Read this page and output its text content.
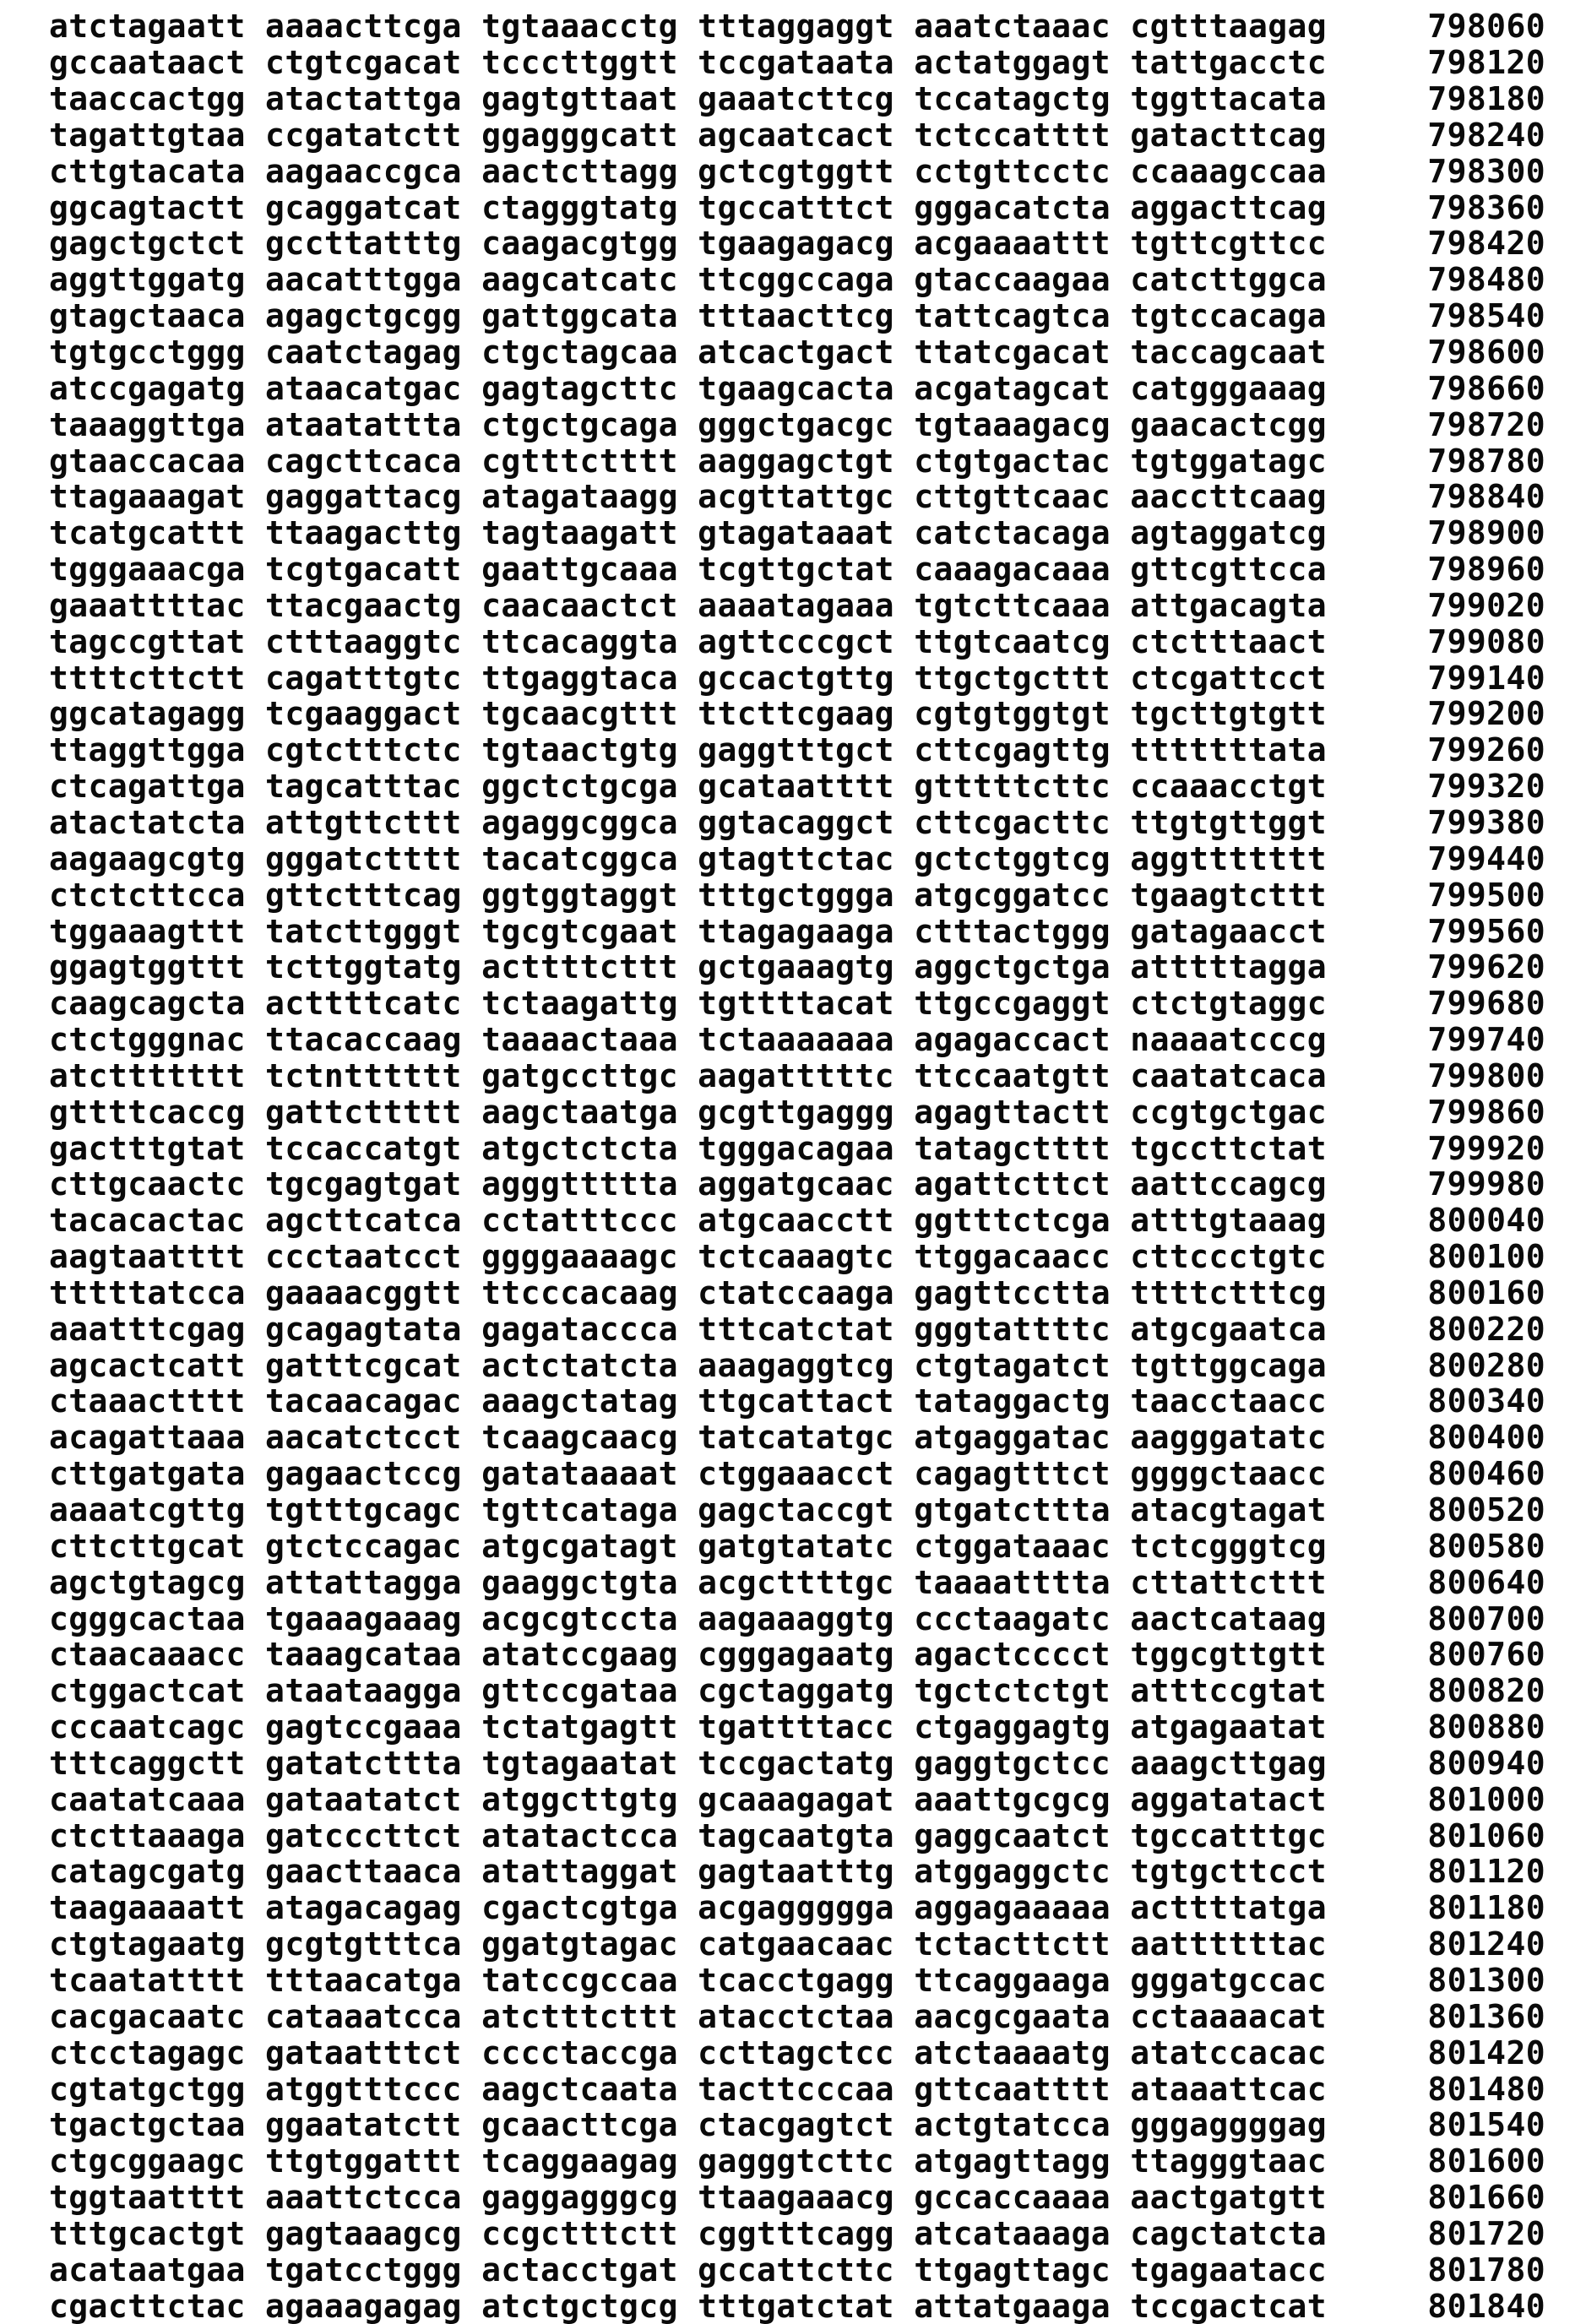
atctagaatt aaaacttcga tgtaaacctg tttaggaggt aaatctaaac cgtttaagag	798060
gccaataact ctgtcgacat tcccttggtt tccgataata actatggagt tattgacctc	798120
taaccactgg atactattga gagtgttaat gaaatcttcg tccatagctg tggttacata	798180
tagattgtaa ccgatatctt ggagggcatt agcaatcact tctccatttt gatacttcag	798240
cttgtacata aagaaccgca aactcttagg gctcgtggtt cctgttcctc ccaaagccaa	798300
ggcagtactt gcaggatcat ctagggtatg tgccatttct gggacatcta aggacttcag	798360
gagctgctct gccttatttg caagacgtgg tgaagagacg acgaaaattt tgttcgttcc	798420
aggttggatg aacatttgga aagcatcatc ttcggccaga gtaccaagaa catcttggca	798480
gtagctaaca agagctgcgg gattggcata tttaacttcg tattcagtca tgtccacaga	798540
tgtgcctggg caatctagag ctgctagcaa atcactgact ttatcgacat taccagcaat	798600
atccgagatg ataacatgac gagtagcttc tgaagcacta acgatagcat catgggaaag	798660
taaaggttga ataatattta ctgctgcaga gggctgacgc tgtaaagacg gaacactcgg	798720
gtaaccacaa cagcttcaca cgtttctttt aaggagctgt ctgtgactac tgtggatagc	798780
ttagaaagat gaggattacg atagataagg acgttattgc cttgttcaac aaccttcaag	798840
tcatgcattt ttaagacttg tagtaagatt gtagataaat catctacaga agtaggatcg	798900
tgggaaacga tcgtgacatt gaattgcaaa tcgttgctat caaagacaaa gttcgttcca	798960
gaaattttac ttacgaactg caacaactct aaaatagaaa tgtcttcaaa attgacagta	799020
tagccgttat ctttaaggtc ttcacaggta agttcccgct ttgtcaatcg ctctttaact	799080
ttttcttctt cagatttgtc ttgaggtaca gccactgttg ttgctgcttt ctcgattcct	799140
ggcatagagg tcgaaggact tgcaacgttt ttcttcgaag cgtgtggtgt tgcttgtgtt	799200
ttaggttgga cgtctttctc tgtaactgtg gaggtttgct cttcgagttg tttttttata	799260
ctcagattga tagcatttac ggctctgcga gcataatttt gtttttcttc ccaaacctgt	799320
atactatcta attgttcttt agaggcggca ggtacaggct cttcgacttc ttgtgttggt	799380
aagaagcgtg gggatctttt tacatcggca gtagttctac gctctggtcg aggttttttt	799440
ctctcttcca gttctttcag ggtggtaggt tttgctggga atgcggatcc tgaagtcttt	799500
tggaaagttt tatcttgggt tgcgtcgaat ttagagaaga ctttactggg gatagaacct	799560
ggagtggttt tcttggtatg acttttcttt gctgaaagtg aggctgctga atttttagga	799620
caagcagcta acttttcatc tctaagattg tgttttacat ttgccgaggt ctctgtaggc	799680
ctctgggnac ttacaccaag taaaactaaa tctaaaaaaa agagaccact naaaatcccg	799740
atcttttttt tctntttttt gatgccttgc aagatttttc ttccaatgtt caatatcaca	799800
gttttcaccg gattcttttt aagctaatga gcgttgaggg agagttactt ccgtgctgac	799860
gactttgtat tccaccatgt atgctctcta tgggacagaa tatagctttt tgccttctat	799920
cttgcaactc tgcgagtgat agggttttta aggatgcaac agattcttct aattccagcg	799980
tacacactac agcttcatca cctatttccc atgcaacctt ggtttctcga atttgtaaag	800040
aagtaatttt ccctaatcct ggggaaaagc tctcaaagtc ttggacaacc cttccctgtc	800100
tttttatcca gaaaacggtt ttcccacaag ctatccaaga gagttcctta ttttctttcg	800160
aaatttcgag gcagagtata gagataccca tttcatctat gggtattttc atgcgaatca	800220
agcactcatt gatttcgcat actctatcta aaagaggtcg ctgtagatct tgttggcaga	800280
ctaaactttt tacaacagac aaagctatag ttgcattact tataggactg taacctaacc	800340
acagattaaa aacatctcct tcaagcaacg tatcatatgc atgaggatac aagggatatc	800400
cttgatgata gagaactccg gatataaaat ctggaaacct cagagtttct ggggctaacc	800460
aaaatcgttg tgtttgcagc tgttcataga gagctaccgt gtgatcttta atacgtagat	800520
cttcttgcat gtctccagac atgcgatagt gatgtatatc ctggataaac tctcgggtcg	800580
agctgtagcg attattagga gaaggctgta acgcttttgc taaaatttta cttattcttt	800640
cgggcactaa tgaaagaaag acgcgtccta aagaaaggtg ccctaagatc aactcataag	800700
ctaacaaacc taaagcataa atatccgaag cgggagaatg agactcccct tggcgttgtt	800760
ctggactcat ataataagga gttccgataa cgctaggatg tgctctctgt atttccgtat	800820
cccaatcagc gagtccgaaa tctatgagtt tgattttacc ctgaggagtg atgagaatat	800880
tttcaggctt gatatcttta tgtagaatat tccgactatg gaggtgctcc aaagcttgag	800940
caatatcaaa gataatatct atggcttgtg gcaaagagat aaattgcgcg aggatatact	801000
ctcttaaaga gatcccttct atatactcca tagcaatgta gaggcaatct tgccatttgc	801060
catagcgatg gaacttaaca atattaggat gagtaatttg atggaggctc tgtgcttcct	801120
taagaaaatt atagacagag cgactcgtga acgaggggga aggagaaaaa acttttatga	801180
ctgtagaatg gcgtgtttca ggatgtagac catgaacaac tctacttctt aattttttac	801240
tcaatatttt tttaacatga tatccgccaa tcacctgagg ttcaggaaga gggatgccac	801300
cacgacaatc cataaatcca atctttcttt atacctctaa aacgcgaata cctaaaacat	801360
ctcctagagc gataatttct cccctaccga ccttagctcc atctaaaatg atatccacac	801420
cgtatgctgg atggtttccc aagctcaata tacttcccaa gttcaatttt ataaattcac	801480
tgactgctaa ggaatatctt gcaacttcga ctacgagtct actgtatcca gggaggggag	801540
ctgcggaagc ttgtggattt tcaggaagag gagggtcttc atgagttagg ttagggtaac	801600
tggtaatttt aaattctcca gaggagggcg ttaagaaacg gccaccaaaa aactgatgtt	801660
tttgcactgt gagtaaagcg ccgctttctt cggtttcagg atcataaaga cagctatcta	801720
acataatgaa tgatcctggg actacctgat gccattcttc ttgagttagc tgagaatacc	801780
cgacttctac agaaagagag atctgctgcg tttgatctat attatgaaga tccgactcat	801840
